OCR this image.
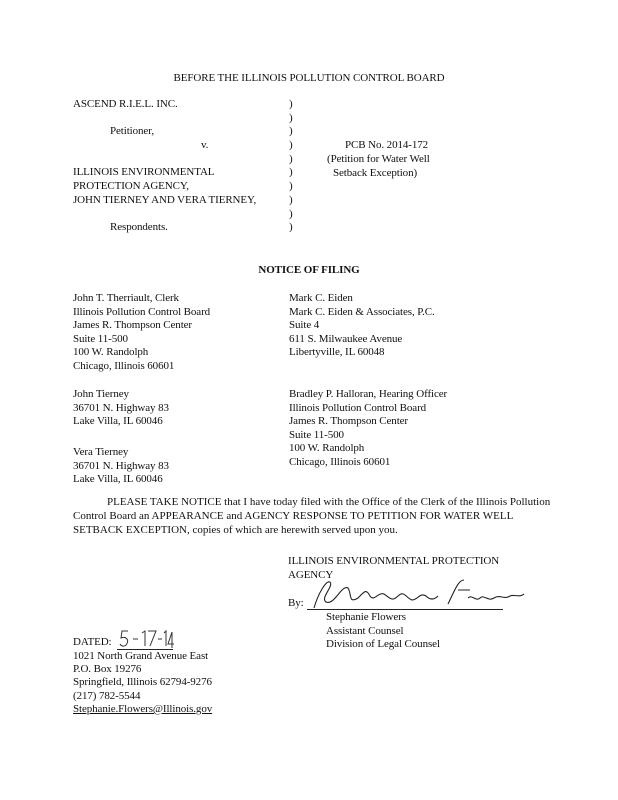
BEFORE THE ILLINOIS POLLUTION CONTROL BOARD
ASCEND R.I.E.L. INC.
Petitioner,
v.
ILLINOIS ENVIRONMENTAL
PROTECTION AGENCY,
JOHN TIERNEY AND VERA TIERNEY,
Respondents.
)
)
)
)
)
)
)
)
)
)
PCB No. 2014-172
(Petition for Water Well
Setback Exception)
NOTICE OF FILING
John T. Therriault, Clerk
Illinois Pollution Control Board
James R. Thompson Center
Suite 11-500
100 W. Randolph
Chicago, Illinois 60601
John Tierney
36701 N. Highway 83
Lake Villa, IL 60046
Vera Tierney
36701 N. Highway 83
Lake Villa, IL 60046
Mark C. Eiden
Mark C. Eiden & Associates, P.C.
Suite 4
611 S. Milwaukee Avenue
Libertyville, IL 60048
Bradley P. Halloran, Hearing Officer
Illinois Pollution Control Board
James R. Thompson Center
Suite 11-500
100 W. Randolph
Chicago, Illinois 60601
PLEASE TAKE NOTICE that I have today filed with the Office of the Clerk of the Illinois Pollution Control Board an APPEARANCE and AGENCY RESPONSE TO PETITION FOR WATER WELL SETBACK EXCEPTION, copies of which are herewith served upon you.
ILLINOIS ENVIRONMENTAL PROTECTION
AGENCY
By:
Stephanie Flowers
Assistant Counsel
Division of Legal Counsel
DATED:
1021 North Grand Avenue East
P.O. Box 19276
Springfield, Illinois 62794-9276
(217) 782-5544
Stephanie.Flowers@Illinois.gov
